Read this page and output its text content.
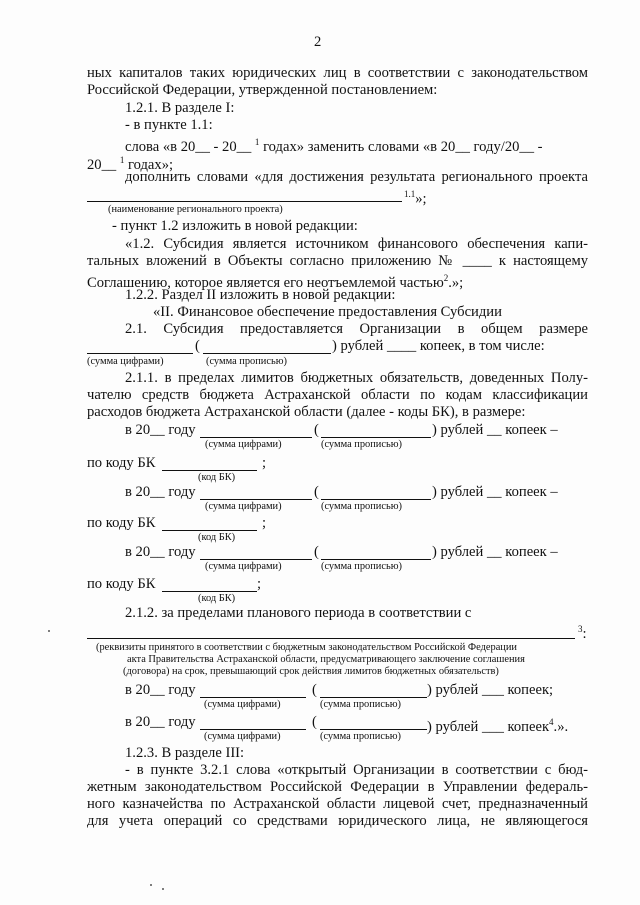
2
ных капиталов таких юридических лиц в соответствии с законодательством
Российской Федерации, утвержденной постановлением:
1.2.1. В разделе I:
- в пункте 1.1:
слова «в 20__ - 20__ $^1$ годах» заменить словами «в 20__ году/20__ -
20__ $^1$ годах»;
дополнить словами «для достижения результата регионального проекта
$^{1.1}$»;
(наименование регионального проекта)
- пункт 1.2 изложить в новой редакции:
«1.2. Субсидия является источником финансового обеспечения капи-
тальных вложений в Объекты согласно приложению № ____ к настоящему
Соглашению, которое является его неотъемлемой частью$^2$.»;
1.2.2. Раздел II изложить в новой редакции:
«II. Финансовое обеспечение предоставления Субсидии
2.1. Субсидия предоставляется Организации в общем размере
(	) рублей ____ копеек, в том числе:
(сумма цифрами)	(сумма прописью)
2.1.1. в пределах лимитов бюджетных обязательств, доведенных Полу-
чателю средств бюджета Астраханской области по кодам классификации
расходов бюджета Астраханской области (далее - коды БК), в размере:
в 20__ году	(	) рублей __ копеек –
(сумма цифрами)	(сумма прописью)
по коду БК	;
(код БК)
в 20__ году	(	) рублей __ копеек –
(сумма цифрами)	(сумма прописью)
по коду БК	;
(код БК)
в 20__ году	(	) рублей __ копеек –
(сумма цифрами)	(сумма прописью)
по коду БК	;
(код БК)
2.1.2. за пределами планового периода в соответствии с
$^3$:
(реквизиты принятого в соответствии с бюджетным законодательством Российской Федерации
акта Правительства Астраханской области, предусматривающего заключение соглашения
(договора) на срок, превышающий срок действия лимитов бюджетных обязательств)
в 20__ году	(	) рублей ___ копеек;
(сумма цифрами)	(сумма прописью)
в 20__ году	(	) рублей ___ копеек$^4$.».
(сумма цифрами)	(сумма прописью)
1.2.3. В разделе III:
- в пункте 3.2.1 слова «открытый Организации в соответствии с бюд-
жетным законодательством Российской Федерации в Управлении федераль-
ного казначейства по Астраханской области лицевой счет, предназначенный
для учета операций со средствами юридического лица, не являющегося
